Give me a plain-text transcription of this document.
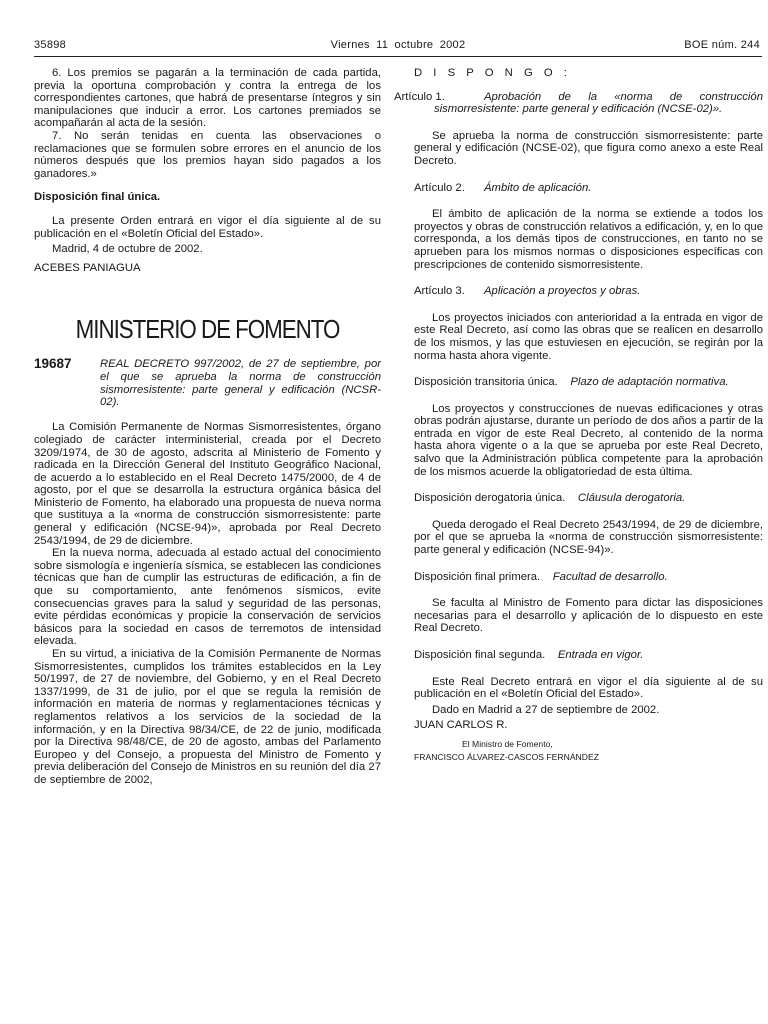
35898	Viernes 11 octubre 2002	BOE núm. 244

6. Los premios se pagarán a la terminación de cada partida, previa la oportuna comprobación y contra la entrega de los correspondientes cartones, que habrá de presentarse íntegros y sin manipulaciones que inducir a error. Los cartones premiados se acompañarán al acta de la sesión.

7. No serán tenidas en cuenta las observaciones o reclamaciones que se formulen sobre errores en el anuncio de los números después que los premios hayan sido pagados a los ganadores.»

Disposición final única.

La presente Orden entrará en vigor el día siguiente al de su publicación en el «Boletín Oficial del Estado».

Madrid, 4 de octubre de 2002.

ACEBES PANIAGUA

MINISTERIO DE FOMENTO
19687	REAL DECRETO 997/2002, de 27 de septiembre, por el que se aprueba la norma de construcción sismorresistente: parte general y edificación (NCSR-02).

La Comisión Permanente de Normas Sismorresistentes, órgano colegiado de carácter interministerial, creada por el Decreto 3209/1974, de 30 de agosto, adscrita al Ministerio de Fomento y radicada en la Dirección General del Instituto Geográfico Nacional, de acuerdo a lo establecido en el Real Decreto 1475/2000, de 4 de agosto, por el que se desarrolla la estructura orgánica básica del Ministerio de Fomento, ha elaborado una propuesta de nueva norma que sustituya a la «norma de construcción sismorresistente: parte general y edificación (NCSE-94)», aprobada por Real Decreto 2543/1994, de 29 de diciembre.

En la nueva norma, adecuada al estado actual del conocimiento sobre sismología e ingeniería sísmica, se establecen las condiciones técnicas que han de cumplir las estructuras de edificación, a fin de que su comportamiento, ante fenómenos sísmicos, evite consecuencias graves para la salud y seguridad de las personas, evite pérdidas económicas y propicie la conservación de servicios básicos para la sociedad en casos de terremotos de intensidad elevada.

En su virtud, a iniciativa de la Comisión Permanente de Normas Sismorresistentes, cumplidos los trámites establecidos en la Ley 50/1997, de 27 de noviembre, del Gobierno, y en el Real Decreto 1337/1999, de 31 de julio, por el que se regula la remisión de información en materia de normas y reglamentaciones técnicas y reglamentos relativos a los servicios de la sociedad de la información, y en la Directiva 98/34/CE, de 22 de junio, modificada por la Directiva 98/48/CE, de 20 de agosto, ambas del Parlamento Europeo y del Consejo, a propuesta del Ministro de Fomento y previa deliberación del Consejo de Ministros en su reunión del día 27 de septiembre de 2002,

D I S P O N G O :

Artículo 1.	Aprobación de la «norma de construcción sismorresistente: parte general y edificación (NCSE-02)».

Se aprueba la norma de construcción sismorresistente: parte general y edificación (NCSE-02), que figura como anexo a este Real Decreto.

Artículo 2. Ámbito de aplicación.

El ámbito de aplicación de la norma se extiende a todos los proyectos y obras de construcción relativos a edificación, y, en lo que corresponda, a los demás tipos de construcciones, en tanto no se aprueben para los mismos normas o disposiciones específicas con prescripciones de contenido sismorresistente.

Artículo 3. Aplicación a proyectos y obras.

Los proyectos iniciados con anterioridad a la entrada en vigor de este Real Decreto, así como las obras que se realicen en desarrollo de los mismos, y las que estuviesen en ejecución, se regirán por la norma hasta ahora vigente.

Disposición transitoria única. Plazo de adaptación normativa.

Los proyectos y construcciones de nuevas edificaciones y otras obras podrán ajustarse, durante un período de dos años a partir de la entrada en vigor de este Real Decreto, al contenido de la norma hasta ahora vigente o a la que se aprueba por este Real Decreto, salvo que la Administración pública competente para la aprobación de los mismos acuerde la obligatoriedad de esta última.

Disposición derogatoria única. Cláusula derogatoria.

Queda derogado el Real Decreto 2543/1994, de 29 de diciembre, por el que se aprueba la «norma de construcción sismorresistente: parte general y edificación (NCSE-94)».

Disposición final primera. Facultad de desarrollo.

Se faculta al Ministro de Fomento para dictar las disposiciones necesarias para el desarrollo y aplicación de lo dispuesto en este Real Decreto.

Disposición final segunda. Entrada en vigor.

Este Real Decreto entrará en vigor el día siguiente al de su publicación en el «Boletín Oficial del Estado».

Dado en Madrid a 27 de septiembre de 2002.

JUAN CARLOS R.

El Ministro de Fomento,
FRANCISCO ÁLVAREZ-CASCOS FERNÁNDEZ
